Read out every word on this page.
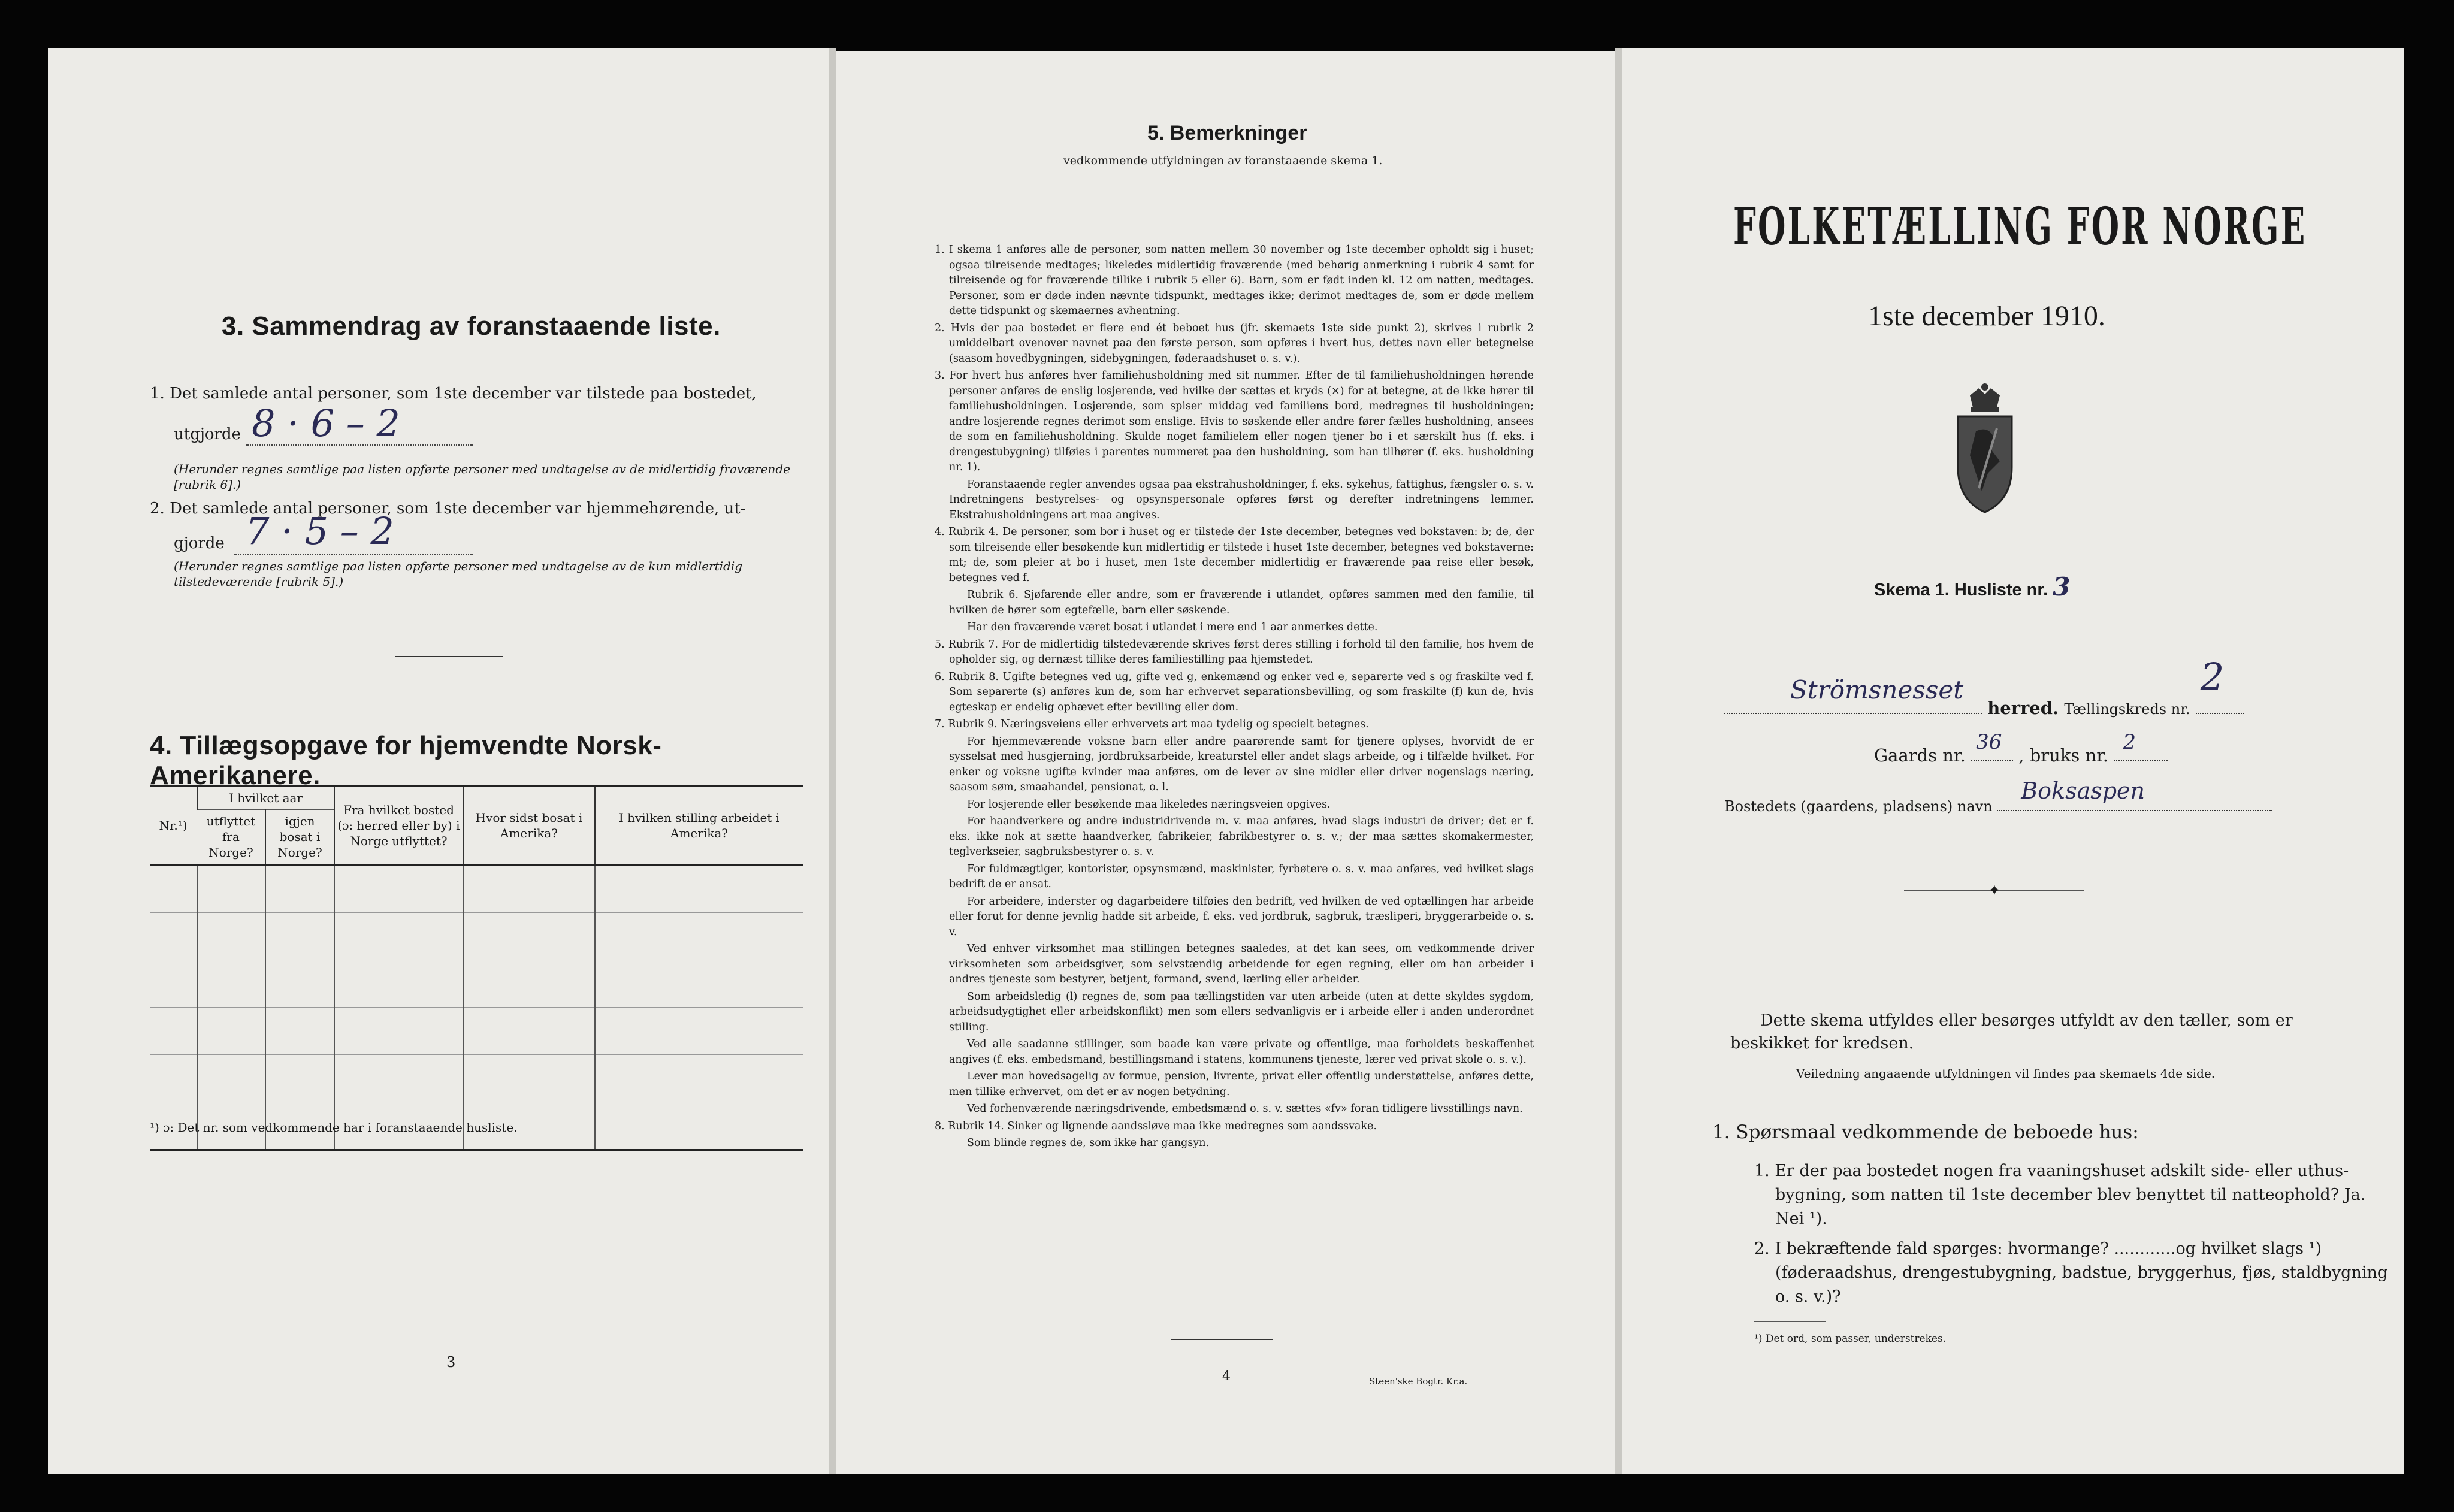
3. Sammendrag av foranstaaende liste.
1. Det samlede antal personer, som 1ste december var tilstede paa bostedet,
utgjorde 8 · 6 – 2
(Herunder regnes samtlige paa listen opførte personer med undtagelse av de midlertidig fraværende [rubrik 6].)
2. Det samlede antal personer, som 1ste december var hjemmehørende, ut-
gjorde 7 · 5 – 2
(Herunder regnes samtlige paa listen opførte personer med undtagelse av de kun midlertidig tilstedeværende [rubrik 5].)
4. Tillægsopgave for hjemvendte Norsk-Amerikanere.
Nr.¹)	I hvilket aar		Fra hvilket bosted (ɔ: herred eller by) i Norge utflyttet?	Hvor sidst bosat i Amerika?	I hvilken stilling arbeidet i Amerika?
	utflyttet fra Norge?	igjen bosat i Norge?			

¹) ɔ: Det nr. som vedkommende har i foranstaaende husliste.
3
5. Bemerkninger
vedkommende utfyldningen av foranstaaende skema 1.

1. I skema 1 anføres alle de personer, som natten mellem 30 november og 1ste december opholdt sig i huset; ogsaa tilreisende medtages; likeledes midlertidig fraværende (med behørig anmerkning i rubrik 4 samt for tilreisende og for fraværende tillike i rubrik 5 eller 6). Barn, som er født inden kl. 12 om natten, medtages. Personer, som er døde inden nævnte tidspunkt, medtages ikke; derimot medtages de, som er døde mellem dette tidspunkt og skemaernes avhentning.

2. Hvis der paa bostedet er flere end ét beboet hus (jfr. skemaets 1ste side punkt 2), skrives i rubrik 2 umiddelbart ovenover navnet paa den første person, som opføres i hvert hus, dettes navn eller betegnelse (saasom hovedbygningen, sidebygningen, føderaadshuset o. s. v.).

3. For hvert hus anføres hver familiehusholdning med sit nummer. Efter de til familiehusholdningen hørende personer anføres de enslig losjerende, ved hvilke der sættes et kryds (×) for at betegne, at de ikke hører til familiehusholdningen. Losjerende, som spiser middag ved familiens bord, medregnes til husholdningen; andre losjerende regnes derimot som enslige. Hvis to søskende eller andre fører fælles husholdning, ansees de som en familiehusholdning. Skulde noget familielem eller nogen tjener bo i et særskilt hus (f. eks. i drengestubygning) tilføies i parentes nummeret paa den husholdning, som han tilhører (f. eks. husholdning nr. 1).

Foranstaaende regler anvendes ogsaa paa ekstrahusholdninger, f. eks. sykehus, fattighus, fængsler o. s. v. Indretningens bestyrelses- og opsynspersonale opføres først og derefter indretningens lemmer. Ekstrahusholdningens art maa angives.

4. Rubrik 4. De personer, som bor i huset og er tilstede der 1ste december, betegnes ved bokstaven: b; de, der som tilreisende eller besøkende kun midlertidig er tilstede i huset 1ste december, betegnes ved bokstaverne: mt; de, som pleier at bo i huset, men 1ste december midlertidig er fraværende paa reise eller besøk, betegnes ved f.

Rubrik 6. Sjøfarende eller andre, som er fraværende i utlandet, opføres sammen med den familie, til hvilken de hører som egtefælle, barn eller søskende.

Har den fraværende været bosat i utlandet i mere end 1 aar anmerkes dette.

5. Rubrik 7. For de midlertidig tilstedeværende skrives først deres stilling i forhold til den familie, hos hvem de opholder sig, og dernæst tillike deres familiestilling paa hjemstedet.

6. Rubrik 8. Ugifte betegnes ved ug, gifte ved g, enkemænd og enker ved e, separerte ved s og fraskilte ved f. Som separerte (s) anføres kun de, som har erhvervet separationsbevilling, og som fraskilte (f) kun de, hvis egteskap er endelig ophævet efter bevilling eller dom.

7. Rubrik 9. Næringsveiens eller erhvervets art maa tydelig og specielt betegnes.

For hjemmeværende voksne barn eller andre paarørende samt for tjenere oplyses, hvorvidt de er sysselsat med husgjerning, jordbruksarbeide, kreaturstel eller andet slags arbeide, og i tilfælde hvilket. For enker og voksne ugifte kvinder maa anføres, om de lever av sine midler eller driver nogenslags næring, saasom søm, smaahandel, pensionat, o. l.

For losjerende eller besøkende maa likeledes næringsveien opgives.

For haandverkere og andre industridrivende m. v. maa anføres, hvad slags industri de driver; det er f. eks. ikke nok at sætte haandverker, fabrikeier, fabrikbestyrer o. s. v.; der maa sættes skomakermester, teglverkseier, sagbruksbestyrer o. s. v.

For fuldmægtiger, kontorister, opsynsmænd, maskinister, fyrbøtere o. s. v. maa anføres, ved hvilket slags bedrift de er ansat.

For arbeidere, inderster og dagarbeidere tilføies den bedrift, ved hvilken de ved optællingen har arbeide eller forut for denne jevnlig hadde sit arbeide, f. eks. ved jordbruk, sagbruk, træsliperi, bryggerarbeide o. s. v.

Ved enhver virksomhet maa stillingen betegnes saaledes, at det kan sees, om vedkommende driver virksomheten som arbeidsgiver, som selvstændig arbeidende for egen regning, eller om han arbeider i andres tjeneste som bestyrer, betjent, formand, svend, lærling eller arbeider.

Som arbeidsledig (l) regnes de, som paa tællingstiden var uten arbeide (uten at dette skyldes sygdom, arbeidsudygtighet eller arbeidskonflikt) men som ellers sedvanligvis er i arbeide eller i anden underordnet stilling.

Ved alle saadanne stillinger, som baade kan være private og offentlige, maa forholdets beskaffenhet angives (f. eks. embedsmand, bestillingsmand i statens, kommunens tjeneste, lærer ved privat skole o. s. v.).

Lever man hovedsagelig av formue, pension, livrente, privat eller offentlig understøttelse, anføres dette, men tillike erhvervet, om det er av nogen betydning.

Ved forhenværende næringsdrivende, embedsmænd o. s. v. sættes «fv» foran tidligere livsstillings navn.

8. Rubrik 14. Sinker og lignende aandssløve maa ikke medregnes som aandssvake.

Som blinde regnes de, som ikke har gangsyn.

4	Steen'ske Bogtr. Kr.a.
FOLKETÆLLING FOR NORGE
1ste december 1910.
Skema 1. Husliste nr. 3
Strömsnesset
herred. Tællingskreds nr.
2
Gaards nr.
36
, bruks nr.
2
Bostedets (gaardens, pladsens) navn
Boksaspen
✦
Dette skema utfyldes eller besørges utfyldt av den tæller, som er beskikket for kredsen.
Veiledning angaaende utfyldningen vil findes paa skemaets 4de side.
1. Spørsmaal vedkommende de beboede hus:
1. Er der paa bostedet nogen fra vaaningshuset adskilt side- eller uthus-bygning, som natten til 1ste december blev benyttet til natteophold? Ja. Nei ¹).
2. I bekræftende fald spørges: hvormange? ............og hvilket slags ¹) (føderaadshus, drengestubygning, badstue, bryggerhus, fjøs, staldbygning o. s. v.)?
¹) Det ord, som passer, understrekes.
